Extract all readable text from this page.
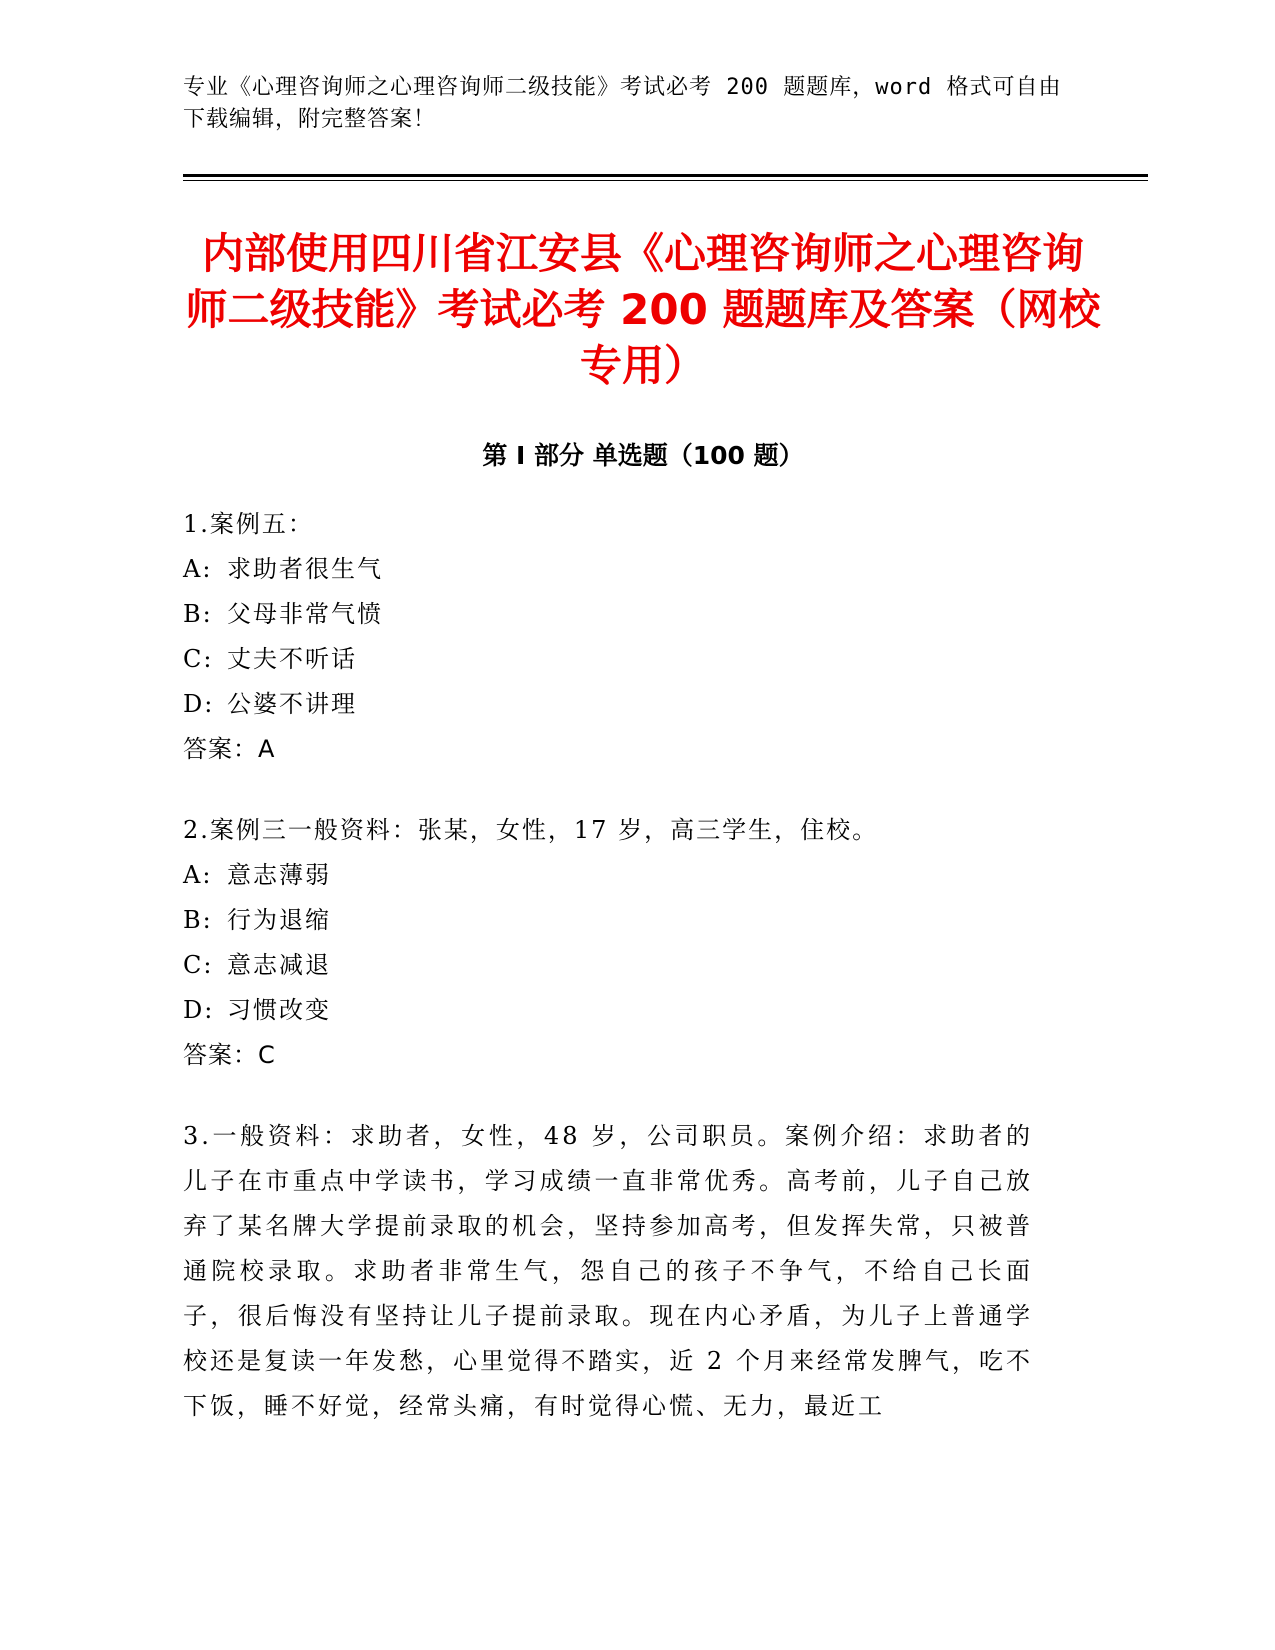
专业《心理咨询师之心理咨询师二级技能》考试必考 200 题题库，word 格式可自由下载编辑，附完整答案！
内部使用四川省江安县《心理咨询师之心理咨询师二级技能》考试必考 200 题题库及答案（网校专用）
第 I 部分 单选题（100 题）
1.案例五：
A: 求助者很生气
B: 父母非常气愤
C: 丈夫不听话
D: 公婆不讲理
答案：A
2.案例三一般资料：张某，女性，17 岁，高三学生，住校。
A: 意志薄弱
B: 行为退缩
C: 意志减退
D: 习惯改变
答案：C
3.一般资料：求助者，女性，48 岁，公司职员。案例介绍：求助者的儿子在市重点中学读书，学习成绩一直非常优秀。高考前，儿子自己放弃了某名牌大学提前录取的机会，坚持参加高考，但发挥失常，只被普通院校录取。求助者非常生气，怨自己的孩子不争气，不给自己长面子，很后悔没有坚持让儿子提前录取。现在内心矛盾，为儿子上普通学校还是复读一年发愁，心里觉得不踏实，近 2 个月来经常发脾气，吃不下饭，睡不好觉，经常头痛，有时觉得心慌、无力，最近工
